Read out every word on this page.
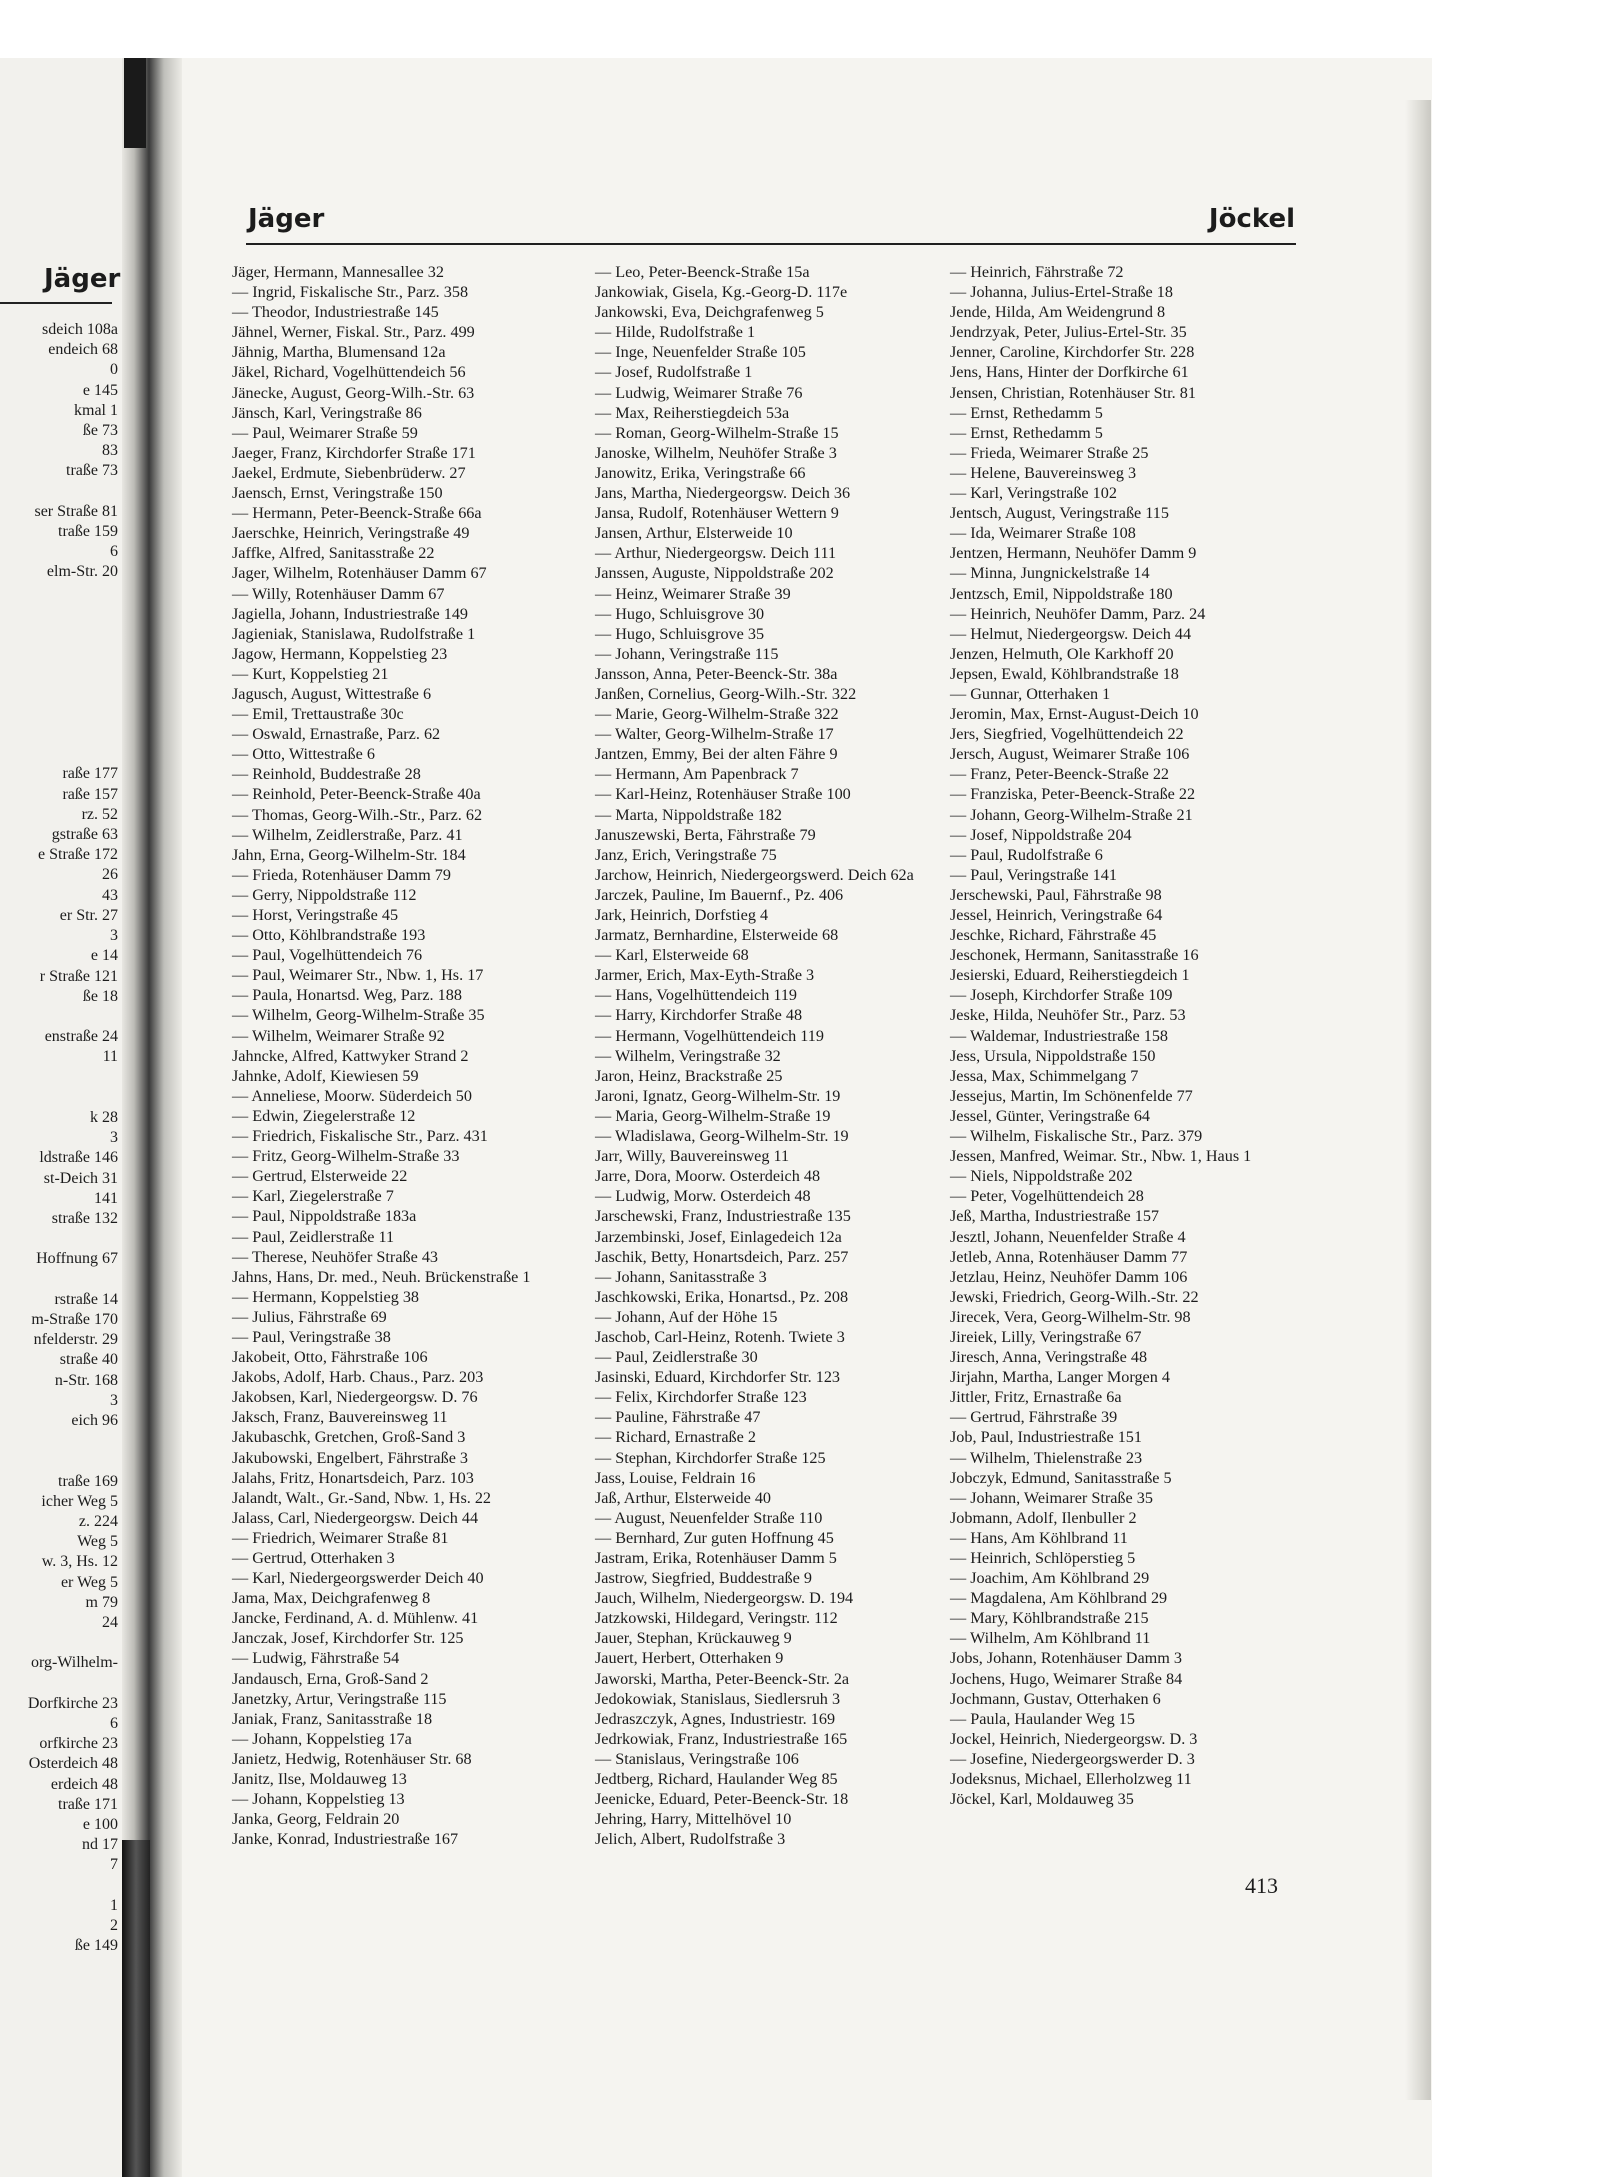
Jäger
sdeich 108a
endeich 68
0
e 145
kmal 1
ße 73
83
traße 73

ser Straße 81
traße 159
6
elm-Str. 20

raße 177
raße 157
rz. 52
gstraße 63
e Straße 172
26
43
er Str. 27
3
e 14
r Straße 121
ße 18

enstraße 24
11

k 28
3
ldstraße 146
st-Deich 31
141
straße 132

Hoffnung 67

rstraße 14
m-Straße 170
nfelderstr. 29
straße 40
n-Str. 168
3
eich 96

traße 169
icher Weg 5
z. 224
Weg 5
w. 3, Hs. 12
er Weg 5
m 79
24

org-Wilhelm-

Dorfkirche 23
6
orfkirche 23
Osterdeich 48
erdeich 48
traße 171
e 100
nd 17
7

1
2
ße 149
Jäger	Jöckel
Jäger, Hermann, Mannesallee 32
— Ingrid, Fiskalische Str., Parz. 358
— Theodor, Industriestraße 145
Jähnel, Werner, Fiskal. Str., Parz. 499
Jähnig, Martha, Blumensand 12a
Jäkel, Richard, Vogelhüttendeich 56
Jänecke, August, Georg-Wilh.-Str. 63
Jänsch, Karl, Veringstraße 86
— Paul, Weimarer Straße 59
Jaeger, Franz, Kirchdorfer Straße 171
Jaekel, Erdmute, Siebenbrüderw. 27
Jaensch, Ernst, Veringstraße 150
— Hermann, Peter-Beenck-Straße 66a
Jaerschke, Heinrich, Veringstraße 49
Jaffke, Alfred, Sanitasstraße 22
Jager, Wilhelm, Rotenhäuser Damm 67
— Willy, Rotenhäuser Damm 67
Jagiella, Johann, Industriestraße 149
Jagieniak, Stanislawa, Rudolfstraße 1
Jagow, Hermann, Koppelstieg 23
— Kurt, Koppelstieg 21
Jagusch, August, Wittestraße 6
— Emil, Trettaustraße 30c
— Oswald, Ernastraße, Parz. 62
— Otto, Wittestraße 6
— Reinhold, Buddestraße 28
— Reinhold, Peter-Beenck-Straße 40a
— Thomas, Georg-Wilh.-Str., Parz. 62
— Wilhelm, Zeidlerstraße, Parz. 41
Jahn, Erna, Georg-Wilhelm-Str. 184
— Frieda, Rotenhäuser Damm 79
— Gerry, Nippoldstraße 112
— Horst, Veringstraße 45
— Otto, Köhlbrandstraße 193
— Paul, Vogelhüttendeich 76
— Paul, Weimarer Str., Nbw. 1, Hs. 17
— Paula, Honartsd. Weg, Parz. 188
— Wilhelm, Georg-Wilhelm-Straße 35
— Wilhelm, Weimarer Straße 92
Jahncke, Alfred, Kattwyker Strand 2
Jahnke, Adolf, Kiewiesen 59
— Anneliese, Moorw. Süderdeich 50
— Edwin, Ziegelerstraße 12
— Friedrich, Fiskalische Str., Parz. 431
— Fritz, Georg-Wilhelm-Straße 33
— Gertrud, Elsterweide 22
— Karl, Ziegelerstraße 7
— Paul, Nippoldstraße 183a
— Paul, Zeidlerstraße 11
— Therese, Neuhöfer Straße 43
Jahns, Hans, Dr. med., Neuh. Brückenstraße 1
— Hermann, Koppelstieg 38
— Julius, Fährstraße 69
— Paul, Veringstraße 38
Jakobeit, Otto, Fährstraße 106
Jakobs, Adolf, Harb. Chaus., Parz. 203
Jakobsen, Karl, Niedergeorgsw. D. 76
Jaksch, Franz, Bauvereinsweg 11
Jakubaschk, Gretchen, Groß-Sand 3
Jakubowski, Engelbert, Fährstraße 3
Jalahs, Fritz, Honartsdeich, Parz. 103
Jalandt, Walt., Gr.-Sand, Nbw. 1, Hs. 22
Jalass, Carl, Niedergeorgsw. Deich 44
— Friedrich, Weimarer Straße 81
— Gertrud, Otterhaken 3
— Karl, Niedergeorgswerder Deich 40
Jama, Max, Deichgrafenweg 8
Jancke, Ferdinand, A. d. Mühlenw. 41
Janczak, Josef, Kirchdorfer Str. 125
— Ludwig, Fährstraße 54
Jandausch, Erna, Groß-Sand 2
Janetzky, Artur, Veringstraße 115
Janiak, Franz, Sanitasstraße 18
— Johann, Koppelstieg 17a
Janietz, Hedwig, Rotenhäuser Str. 68
Janitz, Ilse, Moldauweg 13
— Johann, Koppelstieg 13
Janka, Georg, Feldrain 20
Janke, Konrad, Industriestraße 167
— Leo, Peter-Beenck-Straße 15a
Jankowiak, Gisela, Kg.-Georg-D. 117e
Jankowski, Eva, Deichgrafenweg 5
— Hilde, Rudolfstraße 1
— Inge, Neuenfelder Straße 105
— Josef, Rudolfstraße 1
— Ludwig, Weimarer Straße 76
— Max, Reiherstiegdeich 53a
— Roman, Georg-Wilhelm-Straße 15
Janoske, Wilhelm, Neuhöfer Straße 3
Janowitz, Erika, Veringstraße 66
Jans, Martha, Niedergeorgsw. Deich 36
Jansa, Rudolf, Rotenhäuser Wettern 9
Jansen, Arthur, Elsterweide 10
— Arthur, Niedergeorgsw. Deich 111
Janssen, Auguste, Nippoldstraße 202
— Heinz, Weimarer Straße 39
— Hugo, Schluisgrove 30
— Hugo, Schluisgrove 35
— Johann, Veringstraße 115
Jansson, Anna, Peter-Beenck-Str. 38a
Janßen, Cornelius, Georg-Wilh.-Str. 322
— Marie, Georg-Wilhelm-Straße 322
— Walter, Georg-Wilhelm-Straße 17
Jantzen, Emmy, Bei der alten Fähre 9
— Hermann, Am Papenbrack 7
— Karl-Heinz, Rotenhäuser Straße 100
— Marta, Nippoldstraße 182
Januszewski, Berta, Fährstraße 79
Janz, Erich, Veringstraße 75
Jarchow, Heinrich, Niedergeorgswerd. Deich 62a
Jarczek, Pauline, Im Bauernf., Pz. 406
Jark, Heinrich, Dorfstieg 4
Jarmatz, Bernhardine, Elsterweide 68
— Karl, Elsterweide 68
Jarmer, Erich, Max-Eyth-Straße 3
— Hans, Vogelhüttendeich 119
— Harry, Kirchdorfer Straße 48
— Hermann, Vogelhüttendeich 119
— Wilhelm, Veringstraße 32
Jaron, Heinz, Brackstraße 25
Jaroni, Ignatz, Georg-Wilhelm-Str. 19
— Maria, Georg-Wilhelm-Straße 19
— Wladislawa, Georg-Wilhelm-Str. 19
Jarr, Willy, Bauvereinsweg 11
Jarre, Dora, Moorw. Osterdeich 48
— Ludwig, Morw. Osterdeich 48
Jarschewski, Franz, Industriestraße 135
Jarzembinski, Josef, Einlagedeich 12a
Jaschik, Betty, Honartsdeich, Parz. 257
— Johann, Sanitasstraße 3
Jaschkowski, Erika, Honartsd., Pz. 208
— Johann, Auf der Höhe 15
Jaschob, Carl-Heinz, Rotenh. Twiete 3
— Paul, Zeidlerstraße 30
Jasinski, Eduard, Kirchdorfer Str. 123
— Felix, Kirchdorfer Straße 123
— Pauline, Fährstraße 47
— Richard, Ernastraße 2
— Stephan, Kirchdorfer Straße 125
Jass, Louise, Feldrain 16
Jaß, Arthur, Elsterweide 40
— August, Neuenfelder Straße 110
— Bernhard, Zur guten Hoffnung 45
Jastram, Erika, Rotenhäuser Damm 5
Jastrow, Siegfried, Buddestraße 9
Jauch, Wilhelm, Niedergeorgsw. D. 194
Jatzkowski, Hildegard, Veringstr. 112
Jauer, Stephan, Krückauweg 9
Jauert, Herbert, Otterhaken 9
Jaworski, Martha, Peter-Beenck-Str. 2a
Jedokowiak, Stanislaus, Siedlersruh 3
Jedraszczyk, Agnes, Industriestr. 169
Jedrkowiak, Franz, Industriestraße 165
— Stanislaus, Veringstraße 106
Jedtberg, Richard, Haulander Weg 85
Jeenicke, Eduard, Peter-Beenck-Str. 18
Jehring, Harry, Mittelhövel 10
Jelich, Albert, Rudolfstraße 3
— Heinrich, Fährstraße 72
— Johanna, Julius-Ertel-Straße 18
Jende, Hilda, Am Weidengrund 8
Jendrzyak, Peter, Julius-Ertel-Str. 35
Jenner, Caroline, Kirchdorfer Str. 228
Jens, Hans, Hinter der Dorfkirche 61
Jensen, Christian, Rotenhäuser Str. 81
— Ernst, Rethedamm 5
— Ernst, Rethedamm 5
— Frieda, Weimarer Straße 25
— Helene, Bauvereinsweg 3
— Karl, Veringstraße 102
Jentsch, August, Veringstraße 115
— Ida, Weimarer Straße 108
Jentzen, Hermann, Neuhöfer Damm 9
— Minna, Jungnickelstraße 14
Jentzsch, Emil, Nippoldstraße 180
— Heinrich, Neuhöfer Damm, Parz. 24
— Helmut, Niedergeorgsw. Deich 44
Jenzen, Helmuth, Ole Karkhoff 20
Jepsen, Ewald, Köhlbrandstraße 18
— Gunnar, Otterhaken 1
Jeromin, Max, Ernst-August-Deich 10
Jers, Siegfried, Vogelhüttendeich 22
Jersch, August, Weimarer Straße 106
— Franz, Peter-Beenck-Straße 22
— Franziska, Peter-Beenck-Straße 22
— Johann, Georg-Wilhelm-Straße 21
— Josef, Nippoldstraße 204
— Paul, Rudolfstraße 6
— Paul, Veringstraße 141
Jerschewski, Paul, Fährstraße 98
Jessel, Heinrich, Veringstraße 64
Jeschke, Richard, Fährstraße 45
Jeschonek, Hermann, Sanitasstraße 16
Jesierski, Eduard, Reiherstiegdeich 1
— Joseph, Kirchdorfer Straße 109
Jeske, Hilda, Neuhöfer Str., Parz. 53
— Waldemar, Industriestraße 158
Jess, Ursula, Nippoldstraße 150
Jessa, Max, Schimmelgang 7
Jessejus, Martin, Im Schönenfelde 77
Jessel, Günter, Veringstraße 64
— Wilhelm, Fiskalische Str., Parz. 379
Jessen, Manfred, Weimar. Str., Nbw. 1, Haus 1
— Niels, Nippoldstraße 202
— Peter, Vogelhüttendeich 28
Jeß, Martha, Industriestraße 157
Jesztl, Johann, Neuenfelder Straße 4
Jetleb, Anna, Rotenhäuser Damm 77
Jetzlau, Heinz, Neuhöfer Damm 106
Jewski, Friedrich, Georg-Wilh.-Str. 22
Jirecek, Vera, Georg-Wilhelm-Str. 98
Jireiek, Lilly, Veringstraße 67
Jiresch, Anna, Veringstraße 48
Jirjahn, Martha, Langer Morgen 4
Jittler, Fritz, Ernastraße 6a
— Gertrud, Fährstraße 39
Job, Paul, Industriestraße 151
— Wilhelm, Thielenstraße 23
Jobczyk, Edmund, Sanitasstraße 5
— Johann, Weimarer Straße 35
Jobmann, Adolf, Ilenbuller 2
— Hans, Am Köhlbrand 11
— Heinrich, Schlöperstieg 5
— Joachim, Am Köhlbrand 29
— Magdalena, Am Köhlbrand 29
— Mary, Köhlbrandstraße 215
— Wilhelm, Am Köhlbrand 11
Jobs, Johann, Rotenhäuser Damm 3
Jochens, Hugo, Weimarer Straße 84
Jochmann, Gustav, Otterhaken 6
— Paula, Haulander Weg 15
Jockel, Heinrich, Niedergeorgsw. D. 3
— Josefine, Niedergeorgswerder D. 3
Jodeksnus, Michael, Ellerholzweg 11
Jöckel, Karl, Moldauweg 35
413
